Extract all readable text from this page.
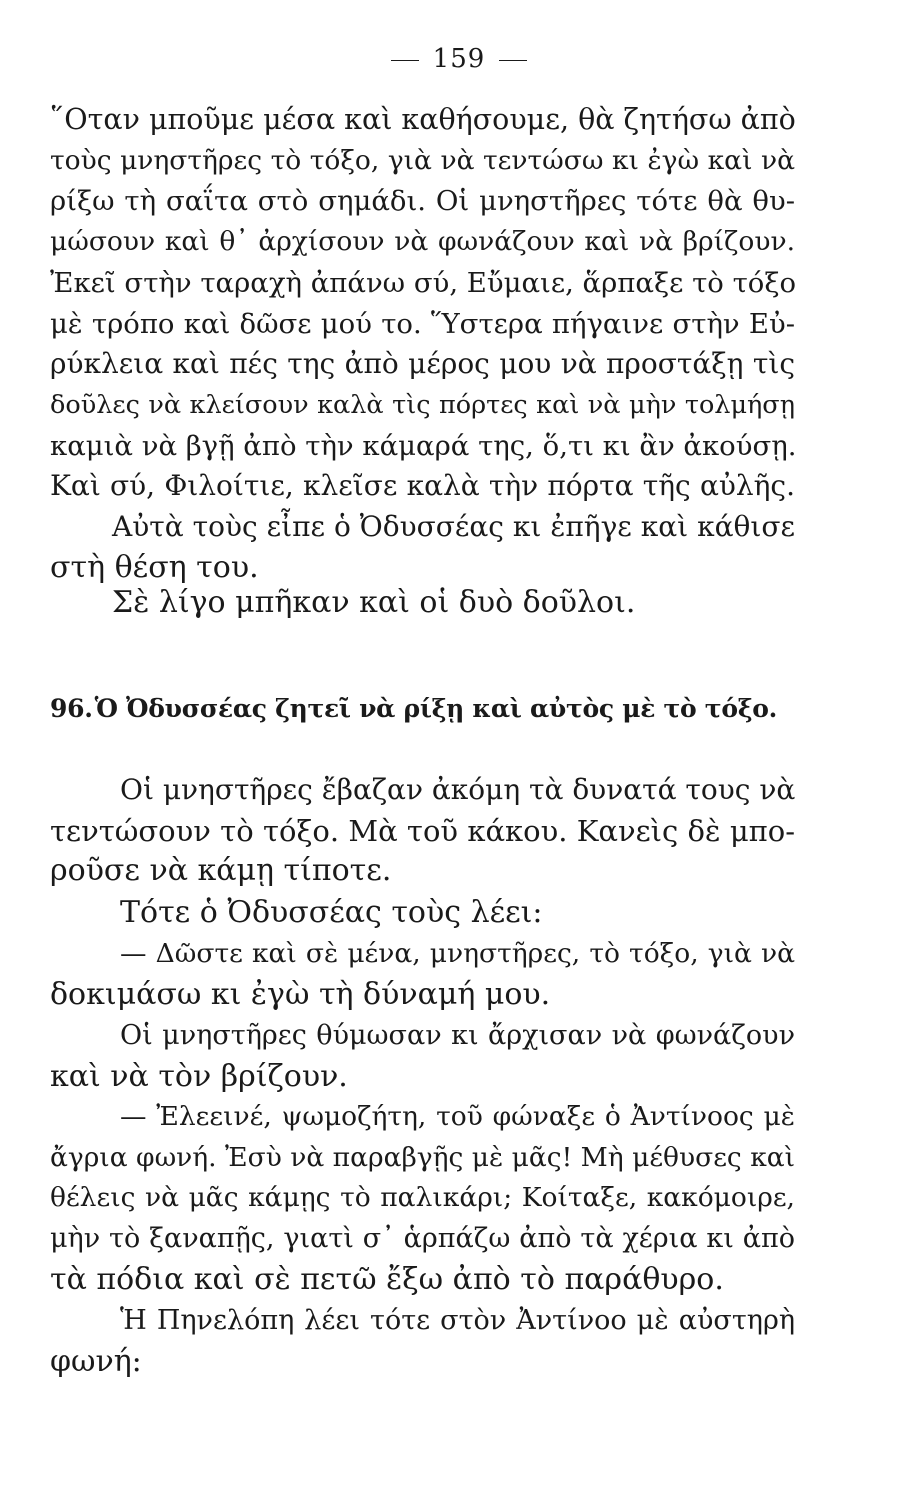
159
῞Οταν μποῦμε μέσα καὶ καθήσουμε, θὰ ζητήσω ἀπὸ
τοὺς μνηστῆρες τὸ τόξο, γιὰ νὰ τεντώσω κι ἐγὼ καὶ νὰ
ρίξω τὴ σαΐτα στὸ σημάδι. Οἱ μνηστῆρες τότε θὰ θυ-
μώσουν καὶ θ᾿ ἀρχίσουν νὰ φωνάζουν καὶ νὰ βρίζουν.
Ἐκεῖ στὴν ταραχὴ ἀπάνω σύ, Εὔμαιε, ἅρπαξε τὸ τόξο
μὲ τρόπο καὶ δῶσε μού το. Ὕστερα πήγαινε στὴν Εὐ-
ρύκλεια καὶ πές της ἀπὸ μέρος μου νὰ προστάξῃ τὶς
δοῦλες νὰ κλείσουν καλὰ τὶς πόρτες καὶ νὰ μὴν τολμήσῃ
καμιὰ νὰ βγῇ ἀπὸ τὴν κάμαρά της, ὅ,τι κι ἂν ἀκούσῃ.
Καὶ σύ, Φιλοίτιε, κλεῖσε καλὰ τὴν πόρτα τῆς αὐλῆς.
Αὐτὰ τοὺς εἶπε ὁ Ὀδυσσέας κι ἐπῆγε καὶ κάθισε
στὴ θέση του.
Σὲ λίγο μπῆκαν καὶ οἱ δυὸ δοῦλοι.
96.Ὁ Ὀδυσσέας ζητεῖ νὰ ρίξῃ καὶ αὐτὸς μὲ τὸ τόξο.
Οἱ μνηστῆρες ἔβαζαν ἀκόμη τὰ δυνατά τους νὰ
τεντώσουν τὸ τόξο. Μὰ τοῦ κάκου. Κανεὶς δὲ μπο-
ροῦσε νὰ κάμῃ τίποτε.
Τότε ὁ Ὀδυσσέας τοὺς λέει:
— Δῶστε καὶ σὲ μένα, μνηστῆρες, τὸ τόξο, γιὰ νὰ
δοκιμάσω κι ἐγὼ τὴ δύναμή μου.
Οἱ μνηστῆρες θύμωσαν κι ἄρχισαν νὰ φωνάζουν
καὶ νὰ τὸν βρίζουν.
— Ἐλεεινέ, ψωμοζήτη, τοῦ φώναξε ὁ Ἀντίνοος μὲ
ἄγρια φωνή. Ἐσὺ νὰ παραβγῇς μὲ μᾶς! Μὴ μέθυσες καὶ
θέλεις νὰ μᾶς κάμῃς τὸ παλικάρι; Κοίταξε, κακόμοιρε,
μὴν τὸ ξαναπῇς, γιατὶ σ᾿ ἁρπάζω ἀπὸ τὰ χέρια κι ἀπὸ
τὰ πόδια καὶ σὲ πετῶ ἔξω ἀπὸ τὸ παράθυρο.
Ἡ Πηνελόπη λέει τότε στὸν Ἀντίνοο μὲ αὐστηρὴ
φωνή:
